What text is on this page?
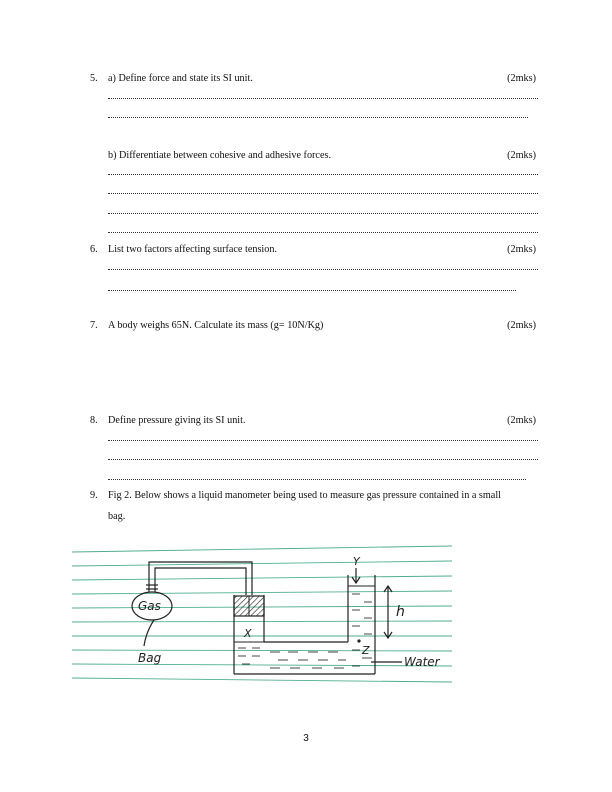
5. a) Define force and state its SI unit.	(2mks)
b) Differentiate between cohesive and adhesive forces.	(2mks)
6. List two factors affecting surface tension.	(2mks)
7. A body weighs 65N. Calculate its mass (g= 10N/Kg)	(2mks)
8. Define pressure giving its SI unit.	(2mks)
9. Fig 2. Below shows a liquid manometer being used to measure gas pressure contained in a small
bag.
Gas
Bag
X
Y
Z
h
Water
3
